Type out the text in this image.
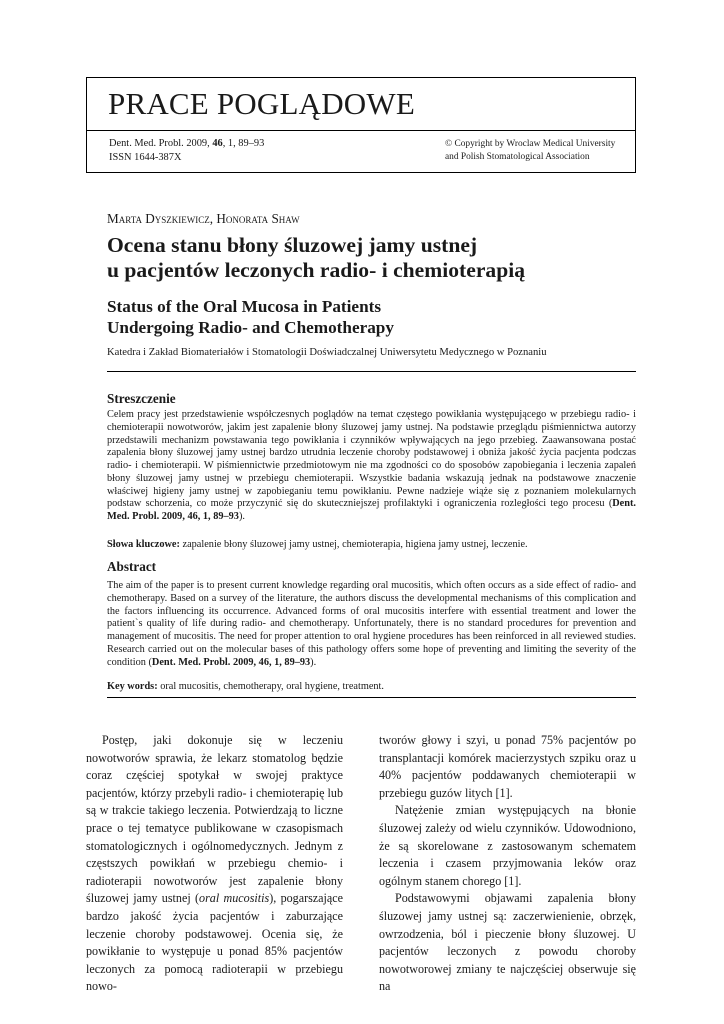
PRACE POGLĄDOWE
Dent. Med. Probl. 2009, 46, 1, 89–93
ISSN 1644-387X
© Copyright by Wroclaw Medical University
and Polish Stomatological Association
Marta Dyszkiewicz, Honorata Shaw
Ocena stanu błony śluzowej jamy ustnej
u pacjentów leczonych radio- i chemioterapią
Status of the Oral Mucosa in Patients
Undergoing Radio- and Chemotherapy
Katedra i Zakład Biomateriałów i Stomatologii Doświadczalnej Uniwersytetu Medycznego w Poznaniu
Streszczenie
Celem pracy jest przedstawienie współczesnych poglądów na temat częstego powikłania występującego w przebiegu radio- i chemioterapii nowotworów, jakim jest zapalenie błony śluzowej jamy ustnej. Na podstawie przeglądu piśmiennictwa autorzy przedstawili mechanizm powstawania tego powikłania i czynników wpływających na jego przebieg. Zaawansowana postać zapalenia błony śluzowej jamy ustnej bardzo utrudnia leczenie choroby podstawowej i obniża jakość życia pacjenta podczas radio- i chemioterapii. W piśmiennictwie przedmiotowym nie ma zgodności co do sposobów zapobiegania i leczenia zapaleń błony śluzowej jamy ustnej w przebiegu chemioterapii. Wszystkie badania wskazują jednak na podstawowe znaczenie właściwej higieny jamy ustnej w zapobieganiu temu powikłaniu. Pewne nadzieje wiąże się z poznaniem molekularnych podstaw schorzenia, co może przyczynić się do skuteczniejszej profilaktyki i ograniczenia rozległości tego procesu (Dent. Med. Probl. 2009, 46, 1, 89–93).
Słowa kluczowe: zapalenie błony śluzowej jamy ustnej, chemioterapia, higiena jamy ustnej, leczenie.
Abstract
The aim of the paper is to present current knowledge regarding oral mucositis, which often occurs as a side effect of radio- and chemotherapy. Based on a survey of the literature, the authors discuss the developmental mechanisms of this complication and the factors influencing its occurrence. Advanced forms of oral mucositis interfere with essential treatment and lower the patient`s quality of life during radio- and chemotherapy. Unfortunately, there is no standard procedures for prevention and management of mucositis. The need for proper attention to oral hygiene procedures has been reinforced in all reviewed studies. Research carried out on the molecular bases of this pathology offers some hope of preventing and limiting the severity of the condition (Dent. Med. Probl. 2009, 46, 1, 89–93).
Key words: oral mucositis, chemotherapy, oral hygiene, treatment.

Postęp, jaki dokonuje się w leczeniu nowotworów sprawia, że lekarz stomatolog będzie coraz częściej spotykał w swojej praktyce pacjentów, którzy przebyli radio- i chemioterapię lub są w trakcie takiego leczenia. Potwierdzają to liczne prace o tej tematyce publikowane w czasopismach stomatologicznych i ogólnomedycznych. Jednym z częstszych powikłań w przebiegu chemio- i radioterapii nowotworów jest zapalenie błony śluzowej jamy ustnej (oral mucositis), pogarszające bardzo jakość życia pacjentów i zaburzające leczenie choroby podstawowej. Ocenia się, że powikłanie to występuje u ponad 85% pacjentów leczonych za pomocą radioterapii w przebiegu nowo-

tworów głowy i szyi, u ponad 75% pacjentów po transplantacji komórek macierzystych szpiku oraz u 40% pacjentów poddawanych chemioterapii w przebiegu guzów litych [1].

Natężenie zmian występujących na błonie śluzowej zależy od wielu czynników. Udowodniono, że są skorelowane z zastosowanym schematem leczenia i czasem przyjmowania leków oraz ogólnym stanem chorego [1].

Podstawowymi objawami zapalenia błony śluzowej jamy ustnej są: zaczerwienienie, obrzęk, owrzodzenia, ból i pieczenie błony śluzowej. U pacjentów leczonych z powodu choroby nowotworowej zmiany te najczęściej obserwuje się na
